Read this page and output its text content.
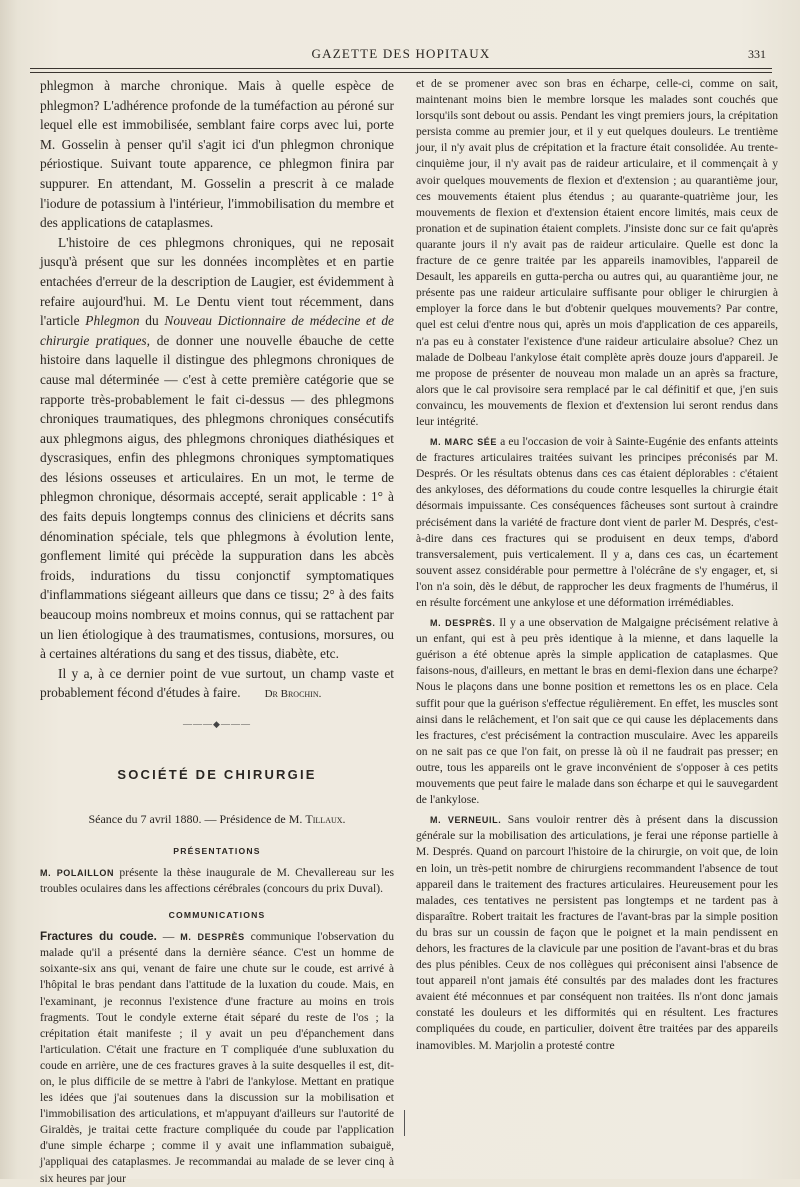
GAZETTE DES HOPITAUX	331

phlegmon à marche chronique. Mais à quelle espèce de phlegmon? L'adhérence profonde de la tuméfaction au péroné sur lequel elle est immobilisée, semblant faire corps avec lui, porte M. Gosselin à penser qu'il s'agit ici d'un phlegmon chronique périostique. Suivant toute apparence, ce phlegmon finira par suppurer. En attendant, M. Gosselin a prescrit à ce malade l'iodure de potassium à l'intérieur, l'immobilisation du membre et des applications de cataplasmes.

L'histoire de ces phlegmons chroniques, qui ne reposait jusqu'à présent que sur les données incomplètes et en partie entachées d'erreur de la description de Laugier, est évidemment à refaire aujourd'hui. M. Le Dentu vient tout récemment, dans l'article Phlegmon du Nouveau Dictionnaire de médecine et de chirurgie pratiques, de donner une nouvelle ébauche de cette histoire dans laquelle il distingue des phlegmons chroniques de cause mal déterminée — c'est à cette première catégorie que se rapporte très-probablement le fait ci-dessus — des phlegmons chroniques traumatiques, des phlegmons chroniques consécutifs aux phlegmons aigus, des phlegmons chroniques diathésiques et dyscrasiques, enfin des phlegmons chroniques symptomatiques des lésions osseuses et articulaires. En un mot, le terme de phlegmon chronique, désormais accepté, serait applicable : 1° à des faits depuis longtemps connus des cliniciens et décrits sans dénomination spéciale, tels que phlegmons à évolution lente, gonflement limité qui précède la suppuration dans les abcès froids, indurations du tissu conjonctif symptomatiques d'inflammations siégeant ailleurs que dans ce tissu; 2° à des faits beaucoup moins nombreux et moins connus, qui se rattachent par un lien étiologique à des traumatismes, contusions, morsures, ou à certaines altérations du sang et des tissus, diabète, etc.

Il y a, à ce dernier point de vue surtout, un champ vaste et probablement fécond d'études à faire. Dr Brochin.

———◆———
SOCIÉTÉ DE CHIRURGIE
Séance du 7 avril 1880. — Présidence de M. Tillaux.
PRÉSENTATIONS

M. POLAILLON présente la thèse inaugurale de M. Chevallereau sur les troubles oculaires dans les affections cérébrales (concours du prix Duval).

COMMUNICATIONS

Fractures du coude. — M. DESPRÈS communique l'observation du malade qu'il a présenté dans la dernière séance. C'est un homme de soixante-six ans qui, venant de faire une chute sur le coude, est arrivé à l'hôpital le bras pendant dans l'attitude de la luxation du coude. Mais, en l'examinant, je reconnus l'existence d'une fracture au moins en trois fragments. Tout le condyle externe était séparé du reste de l'os ; la crépitation était manifeste ; il y avait un peu d'épanchement dans l'articulation. C'était une fracture en T compliquée d'une subluxation du coude en arrière, une de ces fractures graves à la suite desquelles il est, dit-on, le plus difficile de se mettre à l'abri de l'ankylose. Mettant en pratique les idées que j'ai soutenues dans la discussion sur la mobilisation et l'immobilisation des articulations, et m'appuyant d'ailleurs sur l'autorité de Giraldès, je traitai cette fracture compliquée du coude par l'application d'une simple écharpe ; comme il y avait une inflammation subaiguë, j'appliquai des cataplasmes. Je recommandai au malade de se lever cinq à six heures par jour

et de se promener avec son bras en écharpe, celle-ci, comme on sait, maintenant moins bien le membre lorsque les malades sont couchés que lorsqu'ils sont debout ou assis. Pendant les vingt premiers jours, la crépitation persista comme au premier jour, et il y eut quelques douleurs. Le trentième jour, il n'y avait plus de crépitation et la fracture était consolidée. Au trente-cinquième jour, il n'y avait pas de raideur articulaire, et il commençait à y avoir quelques mouvements de flexion et d'extension ; au quarantième jour, ces mouvements étaient plus étendus ; au quarante-quatrième jour, les mouvements de flexion et d'extension étaient encore limités, mais ceux de pronation et de supination étaient complets. J'insiste donc sur ce fait qu'après quarante jours il n'y avait pas de raideur articulaire. Quelle est donc la fracture de ce genre traitée par les appareils inamovibles, l'appareil de Desault, les appareils en gutta-percha ou autres qui, au quarantième jour, ne présente pas une raideur articulaire suffisante pour obliger le chirurgien à employer la force dans le but d'obtenir quelques mouvements? Par contre, quel est celui d'entre nous qui, après un mois d'application de ces appareils, n'a pas eu à constater l'existence d'une raideur articulaire absolue? Chez un malade de Dolbeau l'ankylose était complète après douze jours d'appareil. Je me propose de présenter de nouveau mon malade un an après sa fracture, alors que le cal provisoire sera remplacé par le cal définitif et que, j'en suis convaincu, les mouvements de flexion et d'extension lui seront rendus dans leur intégrité.

M. MARC SÉE a eu l'occasion de voir à Sainte-Eugénie des enfants atteints de fractures articulaires traitées suivant les principes préconisés par M. Després. Or les résultats obtenus dans ces cas étaient déplorables : c'étaient des ankyloses, des déformations du coude contre lesquelles la chirurgie était désormais impuissante. Ces conséquences fâcheuses sont surtout à craindre précisément dans la variété de fracture dont vient de parler M. Després, c'est-à-dire dans ces fractures qui se produisent en deux temps, d'abord transversalement, puis verticalement. Il y a, dans ces cas, un écartement souvent assez considérable pour permettre à l'olécrâne de s'y engager, et, si l'on n'a soin, dès le début, de rapprocher les deux fragments de l'humérus, il en résulte forcément une ankylose et une déformation irrémédiables.

M. DESPRÈS. Il y a une observation de Malgaigne précisément relative à un enfant, qui est à peu près identique à la mienne, et dans laquelle la guérison a été obtenue après la simple application de cataplasmes. Que faisons-nous, d'ailleurs, en mettant le bras en demi-flexion dans une écharpe? Nous le plaçons dans une bonne position et remettons les os en place. Cela suffit pour que la guérison s'effectue régulièrement. En effet, les muscles sont ainsi dans le relâchement, et l'on sait que ce qui cause les déplacements dans les fractures, c'est précisément la contraction musculaire. Avec les appareils on ne sait pas ce que l'on fait, on presse là où il ne faudrait pas presser; en outre, tous les appareils ont le grave inconvénient de s'opposer à ces petits mouvements que peut faire le malade dans son écharpe et qui le sauvegardent de l'ankylose.

M. VERNEUIL. Sans vouloir rentrer dès à présent dans la discussion générale sur la mobilisation des articulations, je ferai une réponse partielle à M. Després. Quand on parcourt l'histoire de la chirurgie, on voit que, de loin en loin, un très-petit nombre de chirurgiens recommandent l'absence de tout appareil dans le traitement des fractures articulaires. Heureusement pour les malades, ces tentatives ne persistent pas longtemps et ne tardent pas à disparaître. Robert traitait les fractures de l'avant-bras par la simple position du bras sur un coussin de façon que le poignet et la main pendissent en dehors, les fractures de la clavicule par une position de l'avant-bras et du bras des plus pénibles. Ceux de nos collègues qui préconisent ainsi l'absence de tout appareil n'ont jamais été consultés par des malades dont les fractures avaient été méconnues et par conséquent non traitées. Ils n'ont donc jamais constaté les douleurs et les difformités qui en résultent. Les fractures compliquées du coude, en particulier, doivent être traitées par des appareils inamovibles. M. Marjolin a protesté contre
